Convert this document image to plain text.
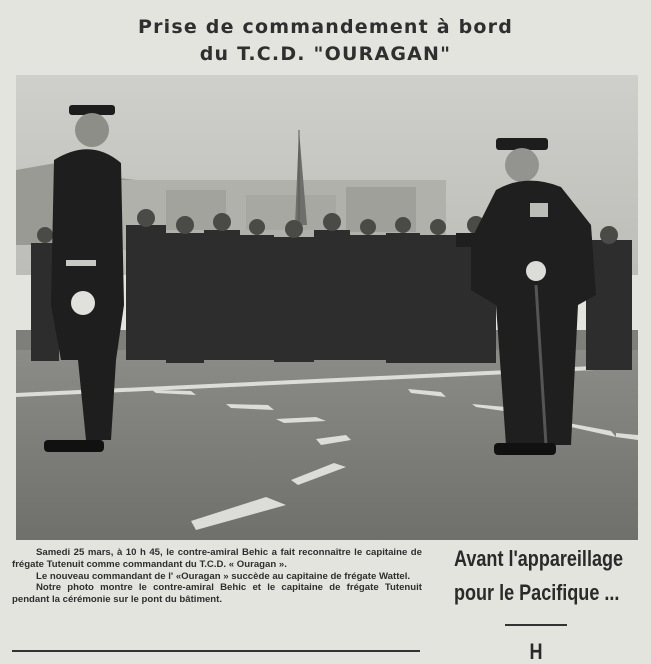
Prise de commandement à bord
du T.C.D. "OURAGAN"

Samedi 25 mars, à 10 h 45, le contre-amiral Behic a fait reconnaître le capitaine de frégate Tutenuit comme commandant du T.C.D. « Ouragan ».

Le nouveau commandant de l' «Ouragan » succède au capitaine de frégate Wattel.

Notre photo montre le contre-amiral Behic et le capitaine de frégate Tutenuit pendant la cérémonie sur le pont du bâtiment.

Avant l'appareillage
pour le Pacifique ...
H
